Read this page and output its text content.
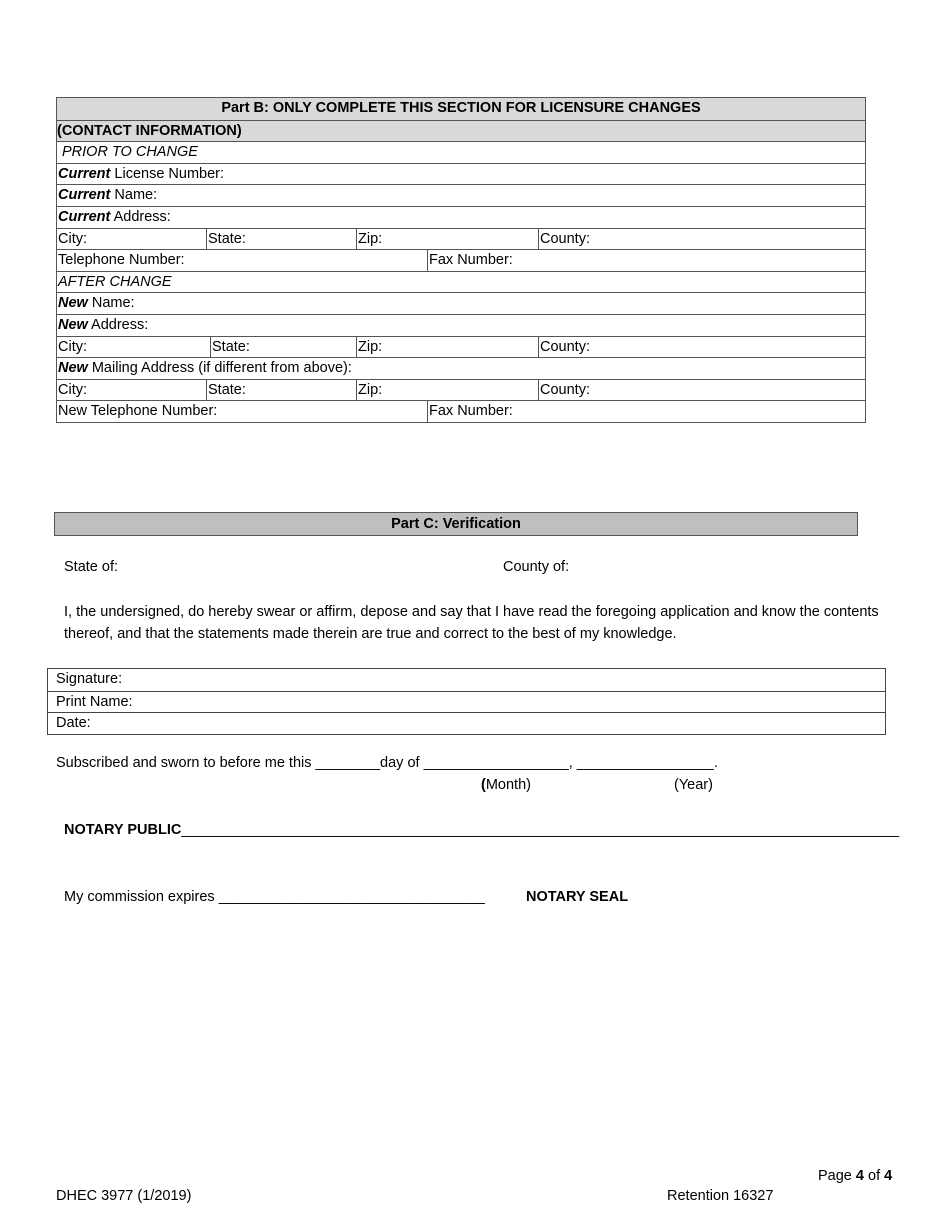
Part B: ONLY COMPLETE THIS SECTION FOR LICENSURE CHANGES
(CONTACT INFORMATION)
PRIOR TO CHANGE
Current License Number:
Current Name:
Current Address:
City:	State:	Zip:	County:
Telephone Number:	Fax Number:
AFTER CHANGE
New Name:
New Address:
City:	State:	Zip:	County:
New Mailing Address (if different from above):
City:	State:	Zip:	County:
New Telephone Number:	Fax Number:
Part C: Verification
State of:	County of:
I, the undersigned, do hereby swear or affirm, depose and say that I have read the foregoing application and know the contents thereof, and that the statements made therein are true and correct to the best of my knowledge.
Signature:
Print Name:
Date:
Subscribed and sworn to before me this ________day of __________________, _________________.
(Month)	(Year)
NOTARY PUBLIC_________________________________________________________________________________________
My commission expires _________________________________	NOTARY SEAL
Page 4 of 4
DHEC 3977 (1/2019)	Retention 16327
